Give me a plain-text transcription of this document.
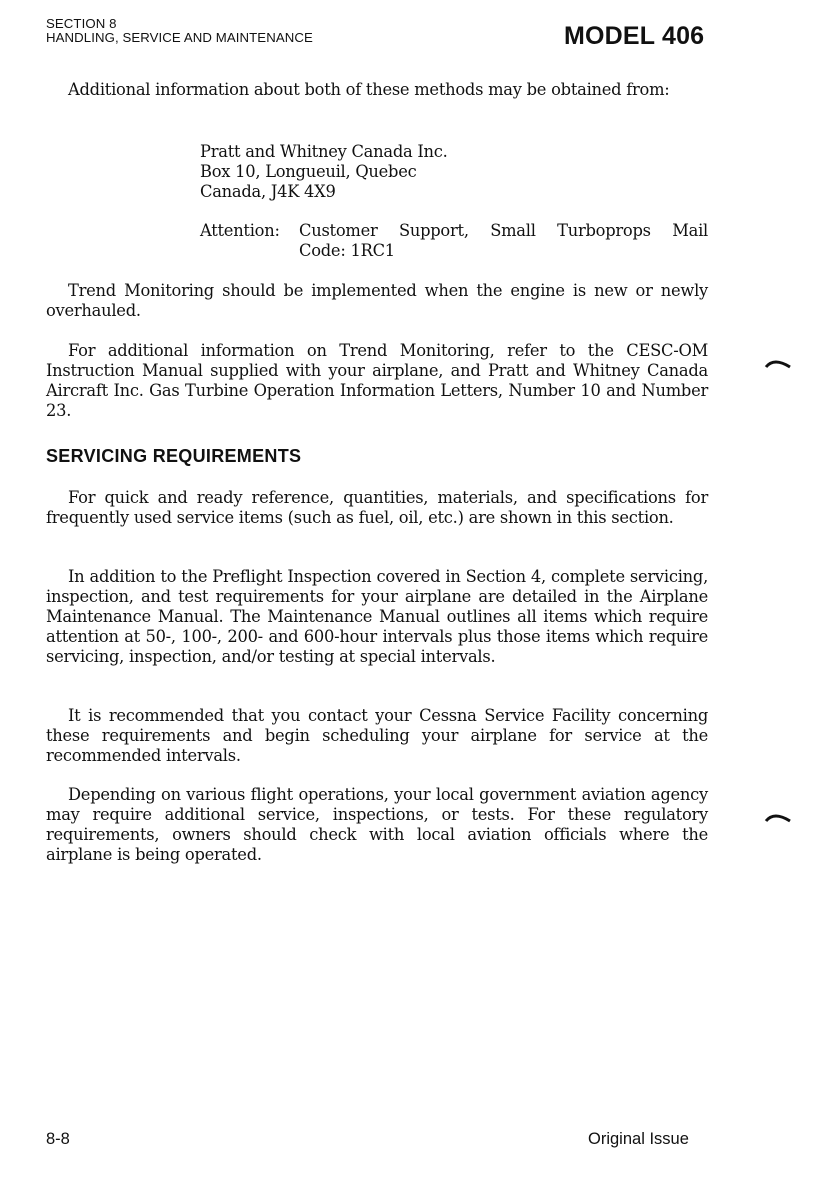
SECTION 8
HANDLING, SERVICE AND MAINTENANCE	MODEL 406

Additional information about both of these methods may be obtained from:

Pratt and Whitney Canada Inc.
Box 10, Longueuil, Quebec
Canada, J4K 4X9
Attention:	Customer Support, Small Turboprops Mail
Code: 1RC1

Trend Monitoring should be implemented when the engine is new or newly overhauled.

For additional information on Trend Monitoring, refer to the CESC-OM Instruction Manual supplied with your airplane, and Pratt and Whitney Canada Aircraft Inc. Gas Turbine Operation Information Letters, Number 10 and Number 23.

SERVICING REQUIREMENTS

For quick and ready reference, quantities, materials, and specifications for frequently used service items (such as fuel, oil, etc.) are shown in this section.

In addition to the Preflight Inspection covered in Section 4, complete servicing, inspection, and test requirements for your airplane are detailed in the Airplane Maintenance Manual. The Maintenance Manual outlines all items which require attention at 50-, 100-, 200- and 600-hour intervals plus those items which require servicing, inspection, and/or testing at special intervals.

It is recommended that you contact your Cessna Service Facility concerning these requirements and begin scheduling your airplane for service at the recommended intervals.

Depending on various flight operations, your local government aviation agency may require additional service, inspections, or tests. For these regulatory requirements, owners should check with local aviation officials where the airplane is being operated.

8-8	Original Issue
